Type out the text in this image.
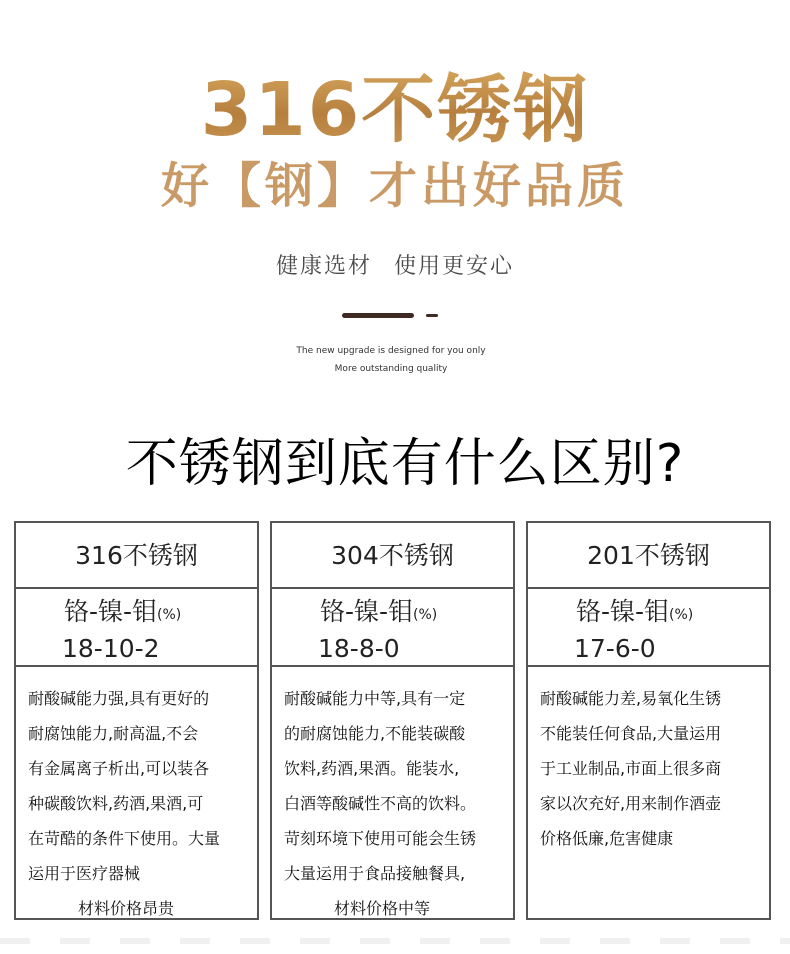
316不锈钢
好【钢】才出好品质
健康选材 使用更安心
The new upgrade is designed for you only
More outstanding quality
不锈钢到底有什么区别?
316不锈钢
铬-镍-钼(%)
18-10-2
耐酸碱能力强,具有更好的
耐腐蚀能力,耐高温,不会
有金属离子析出,可以装各
种碳酸饮料,药酒,果酒,可
在苛酷的条件下使用。大量
运用于医疗器械
材料价格昂贵
304不锈钢
铬-镍-钼(%)
18-8-0
耐酸碱能力中等,具有一定
的耐腐蚀能力,不能装碳酸
饮料,药酒,果酒。能装水,
白酒等酸碱性不高的饮料。
苛刻环境下使用可能会生锈
大量运用于食品接触餐具,
材料价格中等
201不锈钢
铬-镍-钼(%)
17-6-0
耐酸碱能力差,易氧化生锈
不能装任何食品,大量运用
于工业制品,市面上很多商
家以次充好,用来制作酒壶
价格低廉,危害健康
